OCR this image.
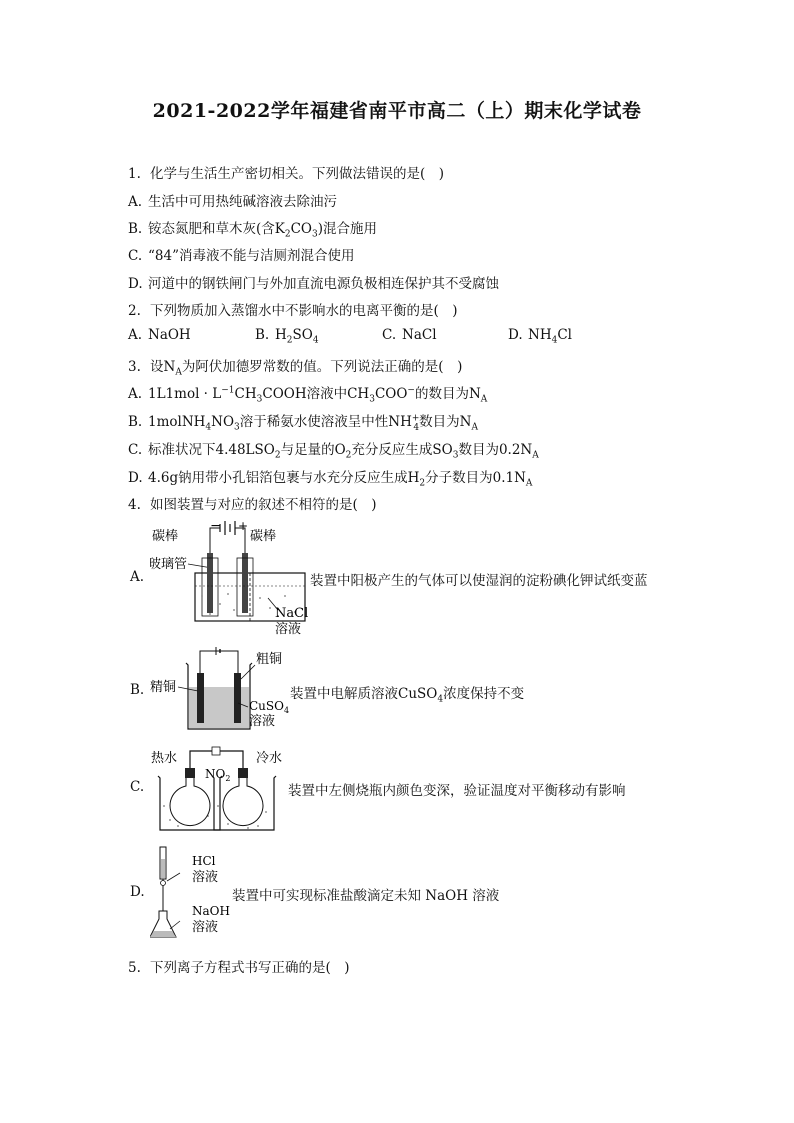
2021-2022学年福建省南平市高二（上）期末化学试卷
1. 化学与生活生产密切相关。下列做法错误的是(　)
A. 生活中可用热纯碱溶液去除油污
B. 铵态氮肥和草木灰(含$K_2CO_3$)混合施用
C. “84”消毒液不能与洁厕剂混合使用
D. 河道中的钢铁闸门与外加直流电源负极相连保护其不受腐蚀
2. 下列物质加入蒸馏水中不影响水的电离平衡的是(　)
A. NaOH	B. $H_2SO_4$	C. NaCl	D. $NH_4Cl$
3. 设$N_A$为阿伏加德罗常数的值。下列说法正确的是(　)
A. $1L1mol \cdot L^{-1}CH_3COOH$溶液中$CH_3COO^-$的数目为$N_A$
B. $1molNH_4NO_3$溶于稀氨水使溶液呈中性$NH^+_4$数目为$N_A$
C. 标准状况下$4.48LSO_2$与足量的$O_2$充分反应生成$SO_3$数目为$0.2N_A$
D. 4.6g钠用带小孔铝箔包裹与水充分反应生成$H_2$分子数目为$0.1N_A$
4. 如图装置与对应的叙述不相符的是(　)
A.
− +
碳棒	碳棒
玻璃管
NaCl
溶液
装置中阳极产生的气体可以使湿润的淀粉碘化钾试纸变蓝
B. 精铜
粗铜
CuSO$_4$
溶液
装置中电解质溶液CuSO$_4$浓度保持不变
C.
热水	冷水
$NO_2$
装置中左侧烧瓶内颜色变深，验证温度对平衡移动有影响
D.
HCl
溶液
NaOH
溶液
装置中可实现标准盐酸滴定未知 NaOH 溶液
5. 下列离子方程式书写正确的是(　)
